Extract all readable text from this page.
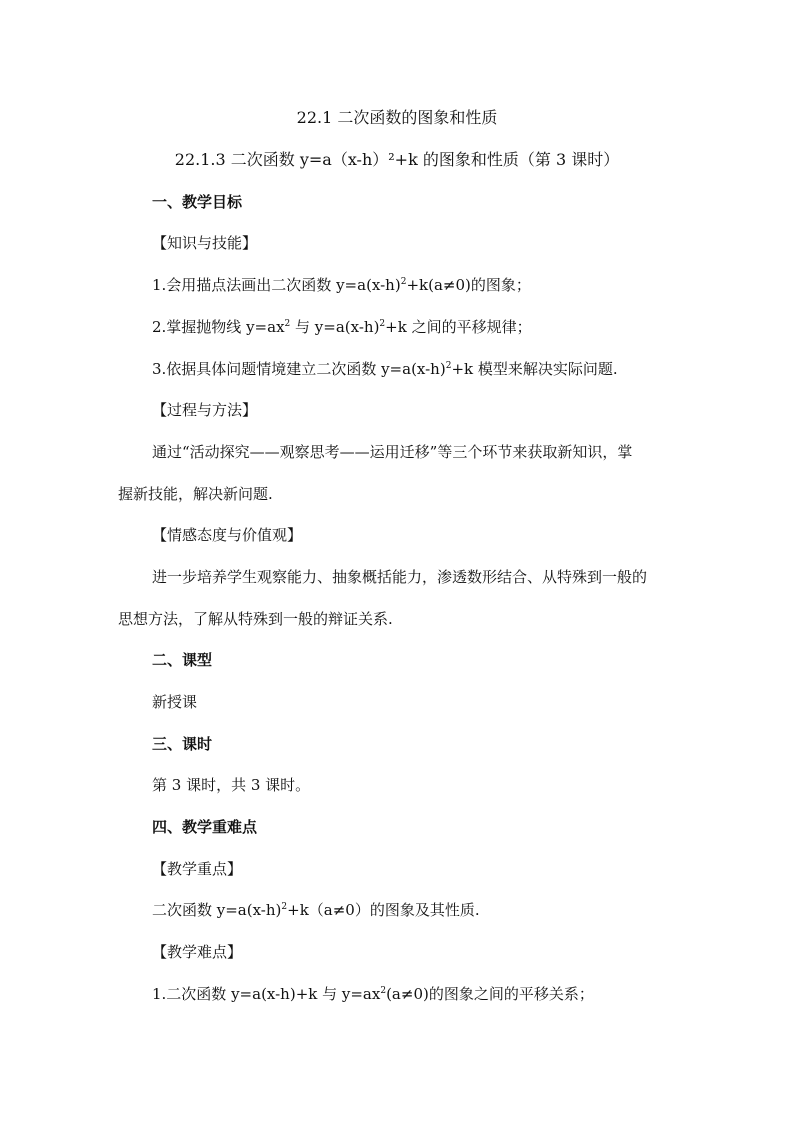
22.1 二次函数的图象和性质
22.1.3 二次函数 y=a（x-h）²+k 的图象和性质（第 3 课时）
一、教学目标
【知识与技能】
1.会用描点法画出二次函数 $y=a(x-h)^2+k(a\ne 0)$的图象；
2.掌握抛物线 $y=ax^2$ 与 $y=a(x-h)^2+k$ 之间的平移规律；
3.依据具体问题情境建立二次函数 $y=a(x-h)^2+k$ 模型来解决实际问题.
【过程与方法】
通过“活动探究——观察思考——运用迁移”等三个环节来获取新知识，掌
握新技能，解决新问题.
【情感态度与价值观】
进一步培养学生观察能力、抽象概括能力，渗透数形结合、从特殊到一般的
思想方法，了解从特殊到一般的辩证关系.
二、课型
新授课
三、课时
第 3 课时，共 3 课时。
四、教学重难点
【教学重点】
二次函数 $y=a(x-h)^2+k(a\ne 0)$的图象及其性质.
【教学难点】
1.二次函数 y=a(x-h)+k 与 $y=ax^2(a\ne 0)$的图象之间的平移关系；
